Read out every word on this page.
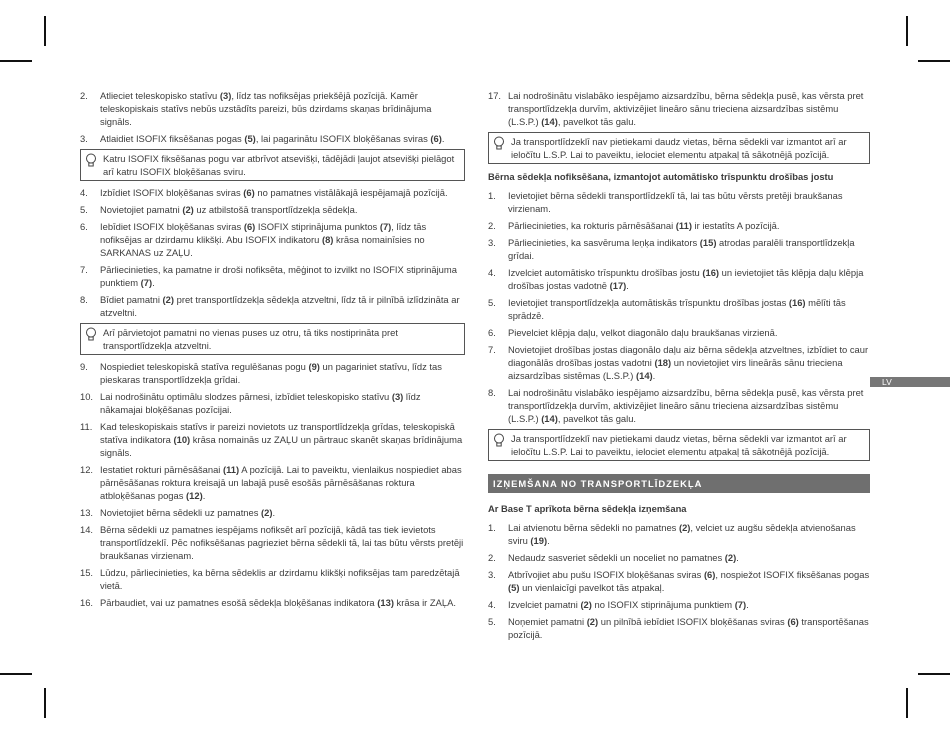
LV
2.	Atlieciet teleskopisko statīvu (3), līdz tas nofiksējas priekšējā pozīcijā. Kamēr teleskopiskais statīvs nebūs uzstādīts pareizi, būs dzirdams skaņas brīdinājuma signāls.
3.	Atlaidiet ISOFIX fiksēšanas pogas (5), lai pagarinātu ISOFIX bloķēšanas sviras (6).
Katru ISOFIX fiksēšanas pogu var atbrīvot atsevišķi, tādējādi ļaujot atsevišķi pielāgot arī katru ISOFIX bloķēšanas sviru.
4.	Izbīdiet ISOFIX bloķēšanas sviras (6) no pamatnes vistālākajā iespējamajā pozīcijā.
5.	Novietojiet pamatni (2) uz atbilstošā transportlīdzekļa sēdekļa.
6.	Iebīdiet ISOFIX bloķēšanas sviras (6) ISOFIX stiprinājuma punktos (7), līdz tās nofiksējas ar dzirdamu klikšķi. Abu ISOFIX indikatoru (8) krāsa nomainīsies no SARKANAS uz ZAĻU.
7.	Pārliecinieties, ka pamatne ir droši nofiksēta, mēģinot to izvilkt no ISOFIX stiprinājuma punktiem (7).
8.	Bīdiet pamatni (2) pret transportlīdzekļa sēdekļa atzveltni, līdz tā ir pilnībā izlīdzināta ar atzveltni.
Arī pārvietojot pamatni no vienas puses uz otru, tā tiks nostiprināta pret transportlīdzekļa atzveltni.
9.	Nospiediet teleskopiskā statīva regulēšanas pogu (9) un pagariniet statīvu, līdz tas pieskaras transportlīdzekļa grīdai.
10. Lai nodrošinātu optimālu slodzes pārnesi, izbīdiet teleskopisko statīvu (3) līdz nākamajai bloķēšanas pozīcijai.
11. Kad teleskopiskais statīvs ir pareizi novietots uz transportlīdzekļa grīdas, teleskopiskā statīva indikatora (10) krāsa nomainās uz ZAĻU un pārtrauc skanēt skaņas brīdinājuma signāls.
12. Iestatiet rokturi pārnēsāšanai (11) A pozīcijā. Lai to paveiktu, vienlaikus nospiediet abas pārnēsāšanas roktura kreisajā un labajā pusē esošās pārnēsāšanas roktura atbloķēšanas pogas (12).
13. Novietojiet bērna sēdekli uz pamatnes (2).
14. Bērna sēdekli uz pamatnes iespējams nofiksēt arī pozīcijā, kādā tas tiek ievietots transportlīdzeklī. Pēc nofiksēšanas pagrieziet bērna sēdekli tā, lai tas būtu vērsts pretēji braukšanas virzienam.
15. Lūdzu, pārliecinieties, ka bērna sēdeklis ar dzirdamu klikšķi nofiksējas tam paredzētajā vietā.
16. Pārbaudiet, vai uz pamatnes esošā sēdekļa bloķēšanas indikatora (13) krāsa ir ZAĻA.
17. Lai nodrošinātu vislabāko iespējamo aizsardzību, bērna sēdekļa pusē, kas vērsta pret transportlīdzekļa durvīm, aktivizējiet lineāro sānu trieciena aizsardzības sistēmu (L.S.P.) (14), pavelkot tās galu.
Ja transportlīdzeklī nav pietiekami daudz vietas, bērna sēdekli var izmantot arī ar ieločītu L.S.P. Lai to paveiktu, ielociet elementu atpakaļ tā sākotnējā pozīcijā.
Bērna sēdekļa nofiksēšana, izmantojot automātisko trīspunktu drošības jostu
1.	Ievietojiet bērna sēdekli transportlīdzeklī tā, lai tas būtu vērsts pretēji braukšanas virzienam.
2.	Pārliecinieties, ka rokturis pārnēsāšanai (11) ir iestatīts A pozīcijā.
3.	Pārliecinieties, ka sasvēruma leņķa indikators (15) atrodas paralēli transportlīdzekļa grīdai.
4.	Izvelciet automātisko trīspunktu drošības jostu (16) un ievietojiet tās klēpja daļu klēpja drošības jostas vadotnē (17).
5.	Ievietojiet transportlīdzekļa automātiskās trīspunktu drošības jostas (16) mēlīti tās sprādzē.
6.	Pievelciet klēpja daļu, velkot diagonālo daļu braukšanas virzienā.
7.	Novietojiet drošības jostas diagonālo daļu aiz bērna sēdekļa atzveltnes, izbīdiet to caur diagonālās drošības jostas vadotni (18) un novietojiet virs lineārās sānu trieciena aizsardzības sistēmas (L.S.P.) (14).
8.	Lai nodrošinātu vislabāko iespējamo aizsardzību, bērna sēdekļa pusē, kas vērsta pret transportlīdzekļa durvīm, aktivizējiet lineāro sānu trieciena aizsardzības sistēmu (L.S.P.) (14), pavelkot tās galu.
Ja transportlīdzeklī nav pietiekami daudz vietas, bērna sēdekli var izmantot arī ar ieločītu L.S.P. Lai to paveiktu, ielociet elementu atpakaļ tā sākotnējā pozīcijā.
IZŅEMŠANA NO TRANSPORTLĪDZEKĻA
Ar Base T aprīkota bērna sēdekļa izņemšana
1.	Lai atvienotu bērna sēdekli no pamatnes (2), velciet uz augšu sēdekļa atvienošanas sviru (19).
2.	Nedaudz sasveriet sēdekli un noceliet no pamatnes (2).
3.	Atbrīvojiet abu pušu ISOFIX bloķēšanas sviras (6), nospiežot ISOFIX fiksēšanas pogas (5) un vienlaicīgi pavelkot tās atpakaļ.
4.	Izvelciet pamatni (2) no ISOFIX stiprinājuma punktiem (7).
5.	Noņemiet pamatni (2) un pilnībā iebīdiet ISOFIX bloķēšanas sviras (6) transportēšanas pozīcijā.
